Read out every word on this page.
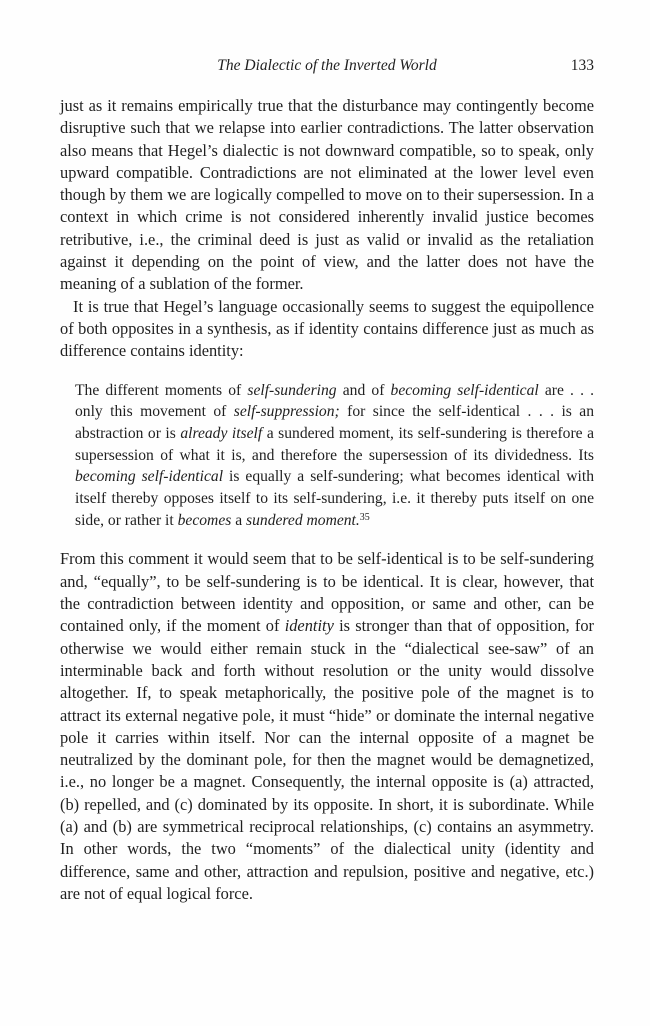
The Dialectic of the Inverted World	133

just as it remains empirically true that the disturbance may contingently become disruptive such that we relapse into earlier contradictions. The latter observation also means that Hegel’s dialectic is not downward compatible, so to speak, only upward compatible. Contradictions are not eliminated at the lower level even though by them we are logically compelled to move on to their supersession. In a context in which crime is not considered inherently invalid justice becomes retributive, i.e., the criminal deed is just as valid or invalid as the retaliation against it depending on the point of view, and the latter does not have the meaning of a sublation of the former.

It is true that Hegel’s language occasionally seems to suggest the equipollence of both opposites in a synthesis, as if identity contains difference just as much as difference contains identity:

The different moments of self-sundering and of becoming self-identical are . . . only this movement of self-suppression; for since the self-identical . . . is an abstraction or is already itself a sundered moment, its self-sundering is therefore a supersession of what it is, and therefore the supersession of its dividedness. Its becoming self-identical is equally a self-sundering; what becomes identical with itself thereby opposes itself to its self-sundering, i.e. it thereby puts itself on one side, or rather it becomes a sundered moment.$^{35}$

From this comment it would seem that to be self-identical is to be self-sundering and, “equally”, to be self-sundering is to be identical. It is clear, however, that the contradiction between identity and opposition, or same and other, can be contained only, if the moment of identity is stronger than that of opposition, for otherwise we would either remain stuck in the “dialectical see-saw” of an interminable back and forth without resolution or the unity would dissolve altogether. If, to speak metaphorically, the positive pole of the magnet is to attract its external negative pole, it must “hide” or dominate the internal negative pole it carries within itself. Nor can the internal opposite of a magnet be neutralized by the dominant pole, for then the magnet would be demagnetized, i.e., no longer be a magnet. Consequently, the internal opposite is (a) attracted, (b) repelled, and (c) dominated by its opposite. In short, it is subordinate. While (a) and (b) are symmetrical reciprocal relationships, (c) contains an asymmetry. In other words, the two “moments” of the dialectical unity (identity and difference, same and other, attraction and repulsion, positive and negative, etc.) are not of equal logical force.
